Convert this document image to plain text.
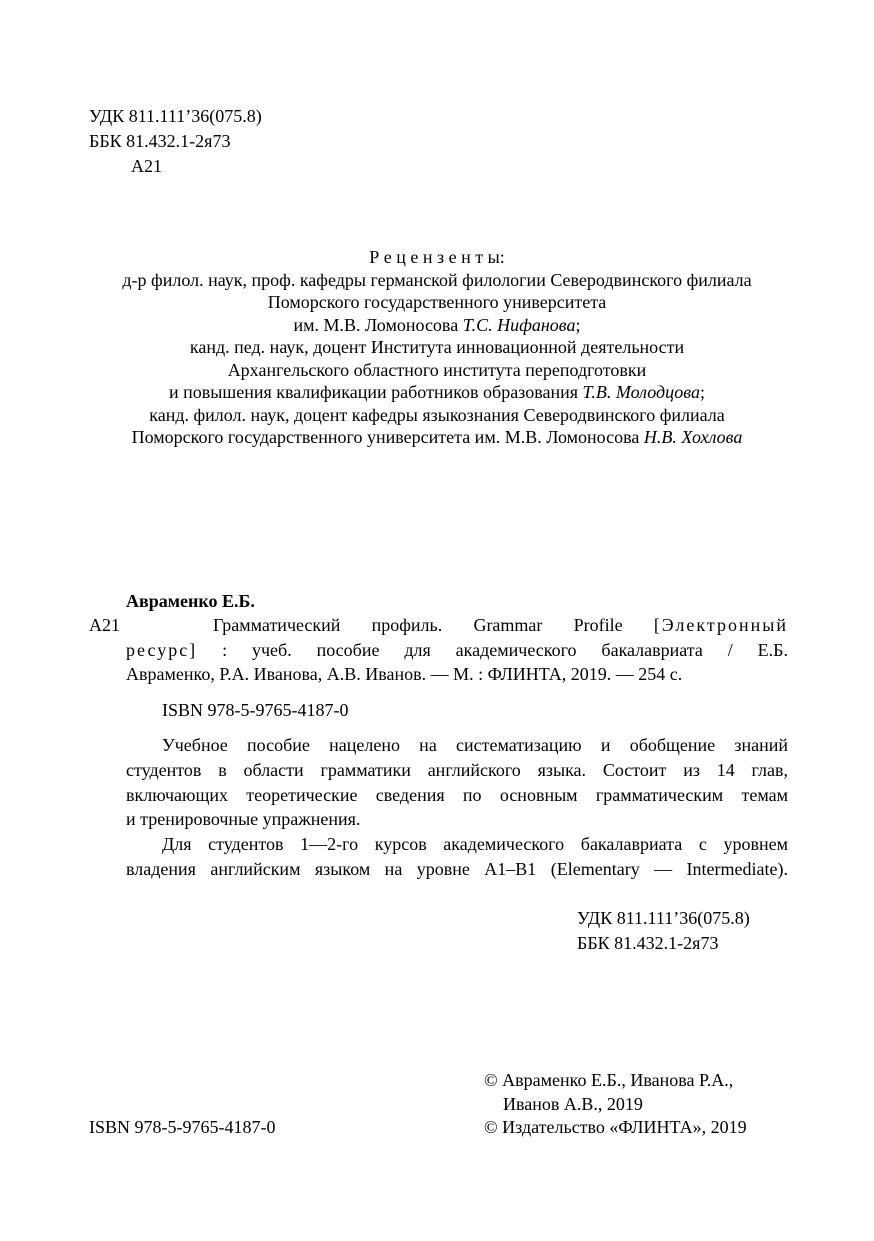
УДК 811.111’36(075.8)
ББК 81.432.1-2я73
А21
Р е ц е н з е н т ы:
д-р филол. наук, проф. кафедры германской филологии Северодвинского филиала
Поморского государственного университета
им. М.В. Ломоносова Т.С. Нифанова;
канд. пед. наук, доцент Института инновационной деятельности
Архангельского областного института переподготовки
и повышения квалификации работников образования Т.В. Молодцова;
канд. филол. наук, доцент кафедры языкознания Северодвинского филиала
Поморского государственного университета им. М.В. Ломоносова Н.В. Хохлова
Авраменко Е.Б.
А21	Грамматический профиль. Grammar Profile [Электронный
ресурс] : учеб. пособие для академического бакалавриата / Е.Б.
Авраменко, Р.А. Иванова, А.В. Иванов. — М. : ФЛИНТА, 2019. — 254 с.
ISBN 978-5-9765-4187-0
Учебное пособие нацелено на систематизацию и обобщение знаний
студентов в области грамматики английского языка. Состоит из 14 глав,
включающих теоретические сведения по основным грамматическим темам
и тренировочные упражнения.
Для студентов 1—2-го курсов академического бакалавриата с уровнем
владения английским языком на уровне A1–B1 (Elementary — Intermediate).
УДК 811.111’36(075.8)
ББК 81.432.1-2я73
© Авраменко Е.Б., Иванова Р.А.,
Иванов А.В., 2019
© Издательство «ФЛИНТА», 2019
ISBN 978-5-9765-4187-0
